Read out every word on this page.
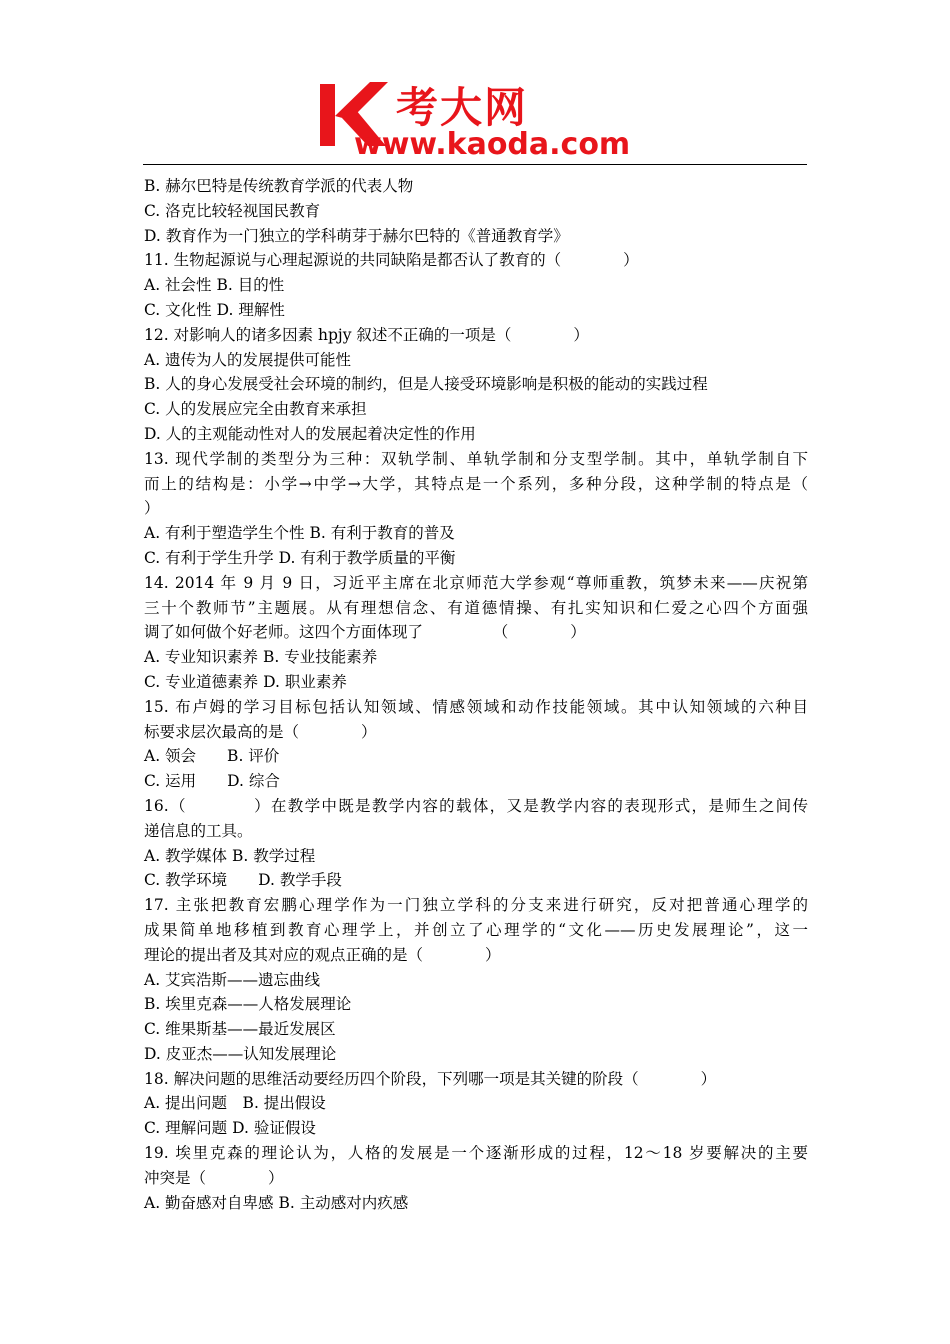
考大网
www.kaoda.com
B. 赫尔巴特是传统教育学派的代表人物
C. 洛克比较轻视国民教育
D. 教育作为一门独立的学科萌芽于赫尔巴特的《普通教育学》
11. 生物起源说与心理起源说的共同缺陷是都否认了教育的（　　　　）
A. 社会性 B. 目的性
C. 文化性 D. 理解性
12. 对影响人的诸多因素 hpjy 叙述不正确的一项是（　　　　）
A. 遗传为人的发展提供可能性
B. 人的身心发展受社会环境的制约，但是人接受环境影响是积极的能动的实践过程
C. 人的发展应完全由教育来承担
D. 人的主观能动性对人的发展起着决定性的作用
13. 现代学制的类型分为三种：双轨学制、单轨学制和分支型学制。其中，单轨学制自下
而上的结构是：小学→中学→大学，其特点是一个系列，多种分段，这种学制的特点是（
）
A. 有利于塑造学生个性 B. 有利于教育的普及
C. 有利于学生升学 D. 有利于教学质量的平衡
14. 2014 年 9 月 9 日，习近平主席在北京师范大学参观“尊师重教，筑梦未来——庆祝第
三十个教师节”主题展。从有理想信念、有道德情操、有扎实知识和仁爱之心四个方面强
调了如何做个好老师。这四个方面体现了　　　　　（　　　　）
A. 专业知识素养 B. 专业技能素养
C. 专业道德素养 D. 职业素养
15. 布卢姆的学习目标包括认知领域、情感领域和动作技能领域。其中认知领域的六种目
标要求层次最高的是（　　　　）
A. 领会　　B. 评价
C. 运用　　D. 综合
16.（　　　　）在教学中既是教学内容的载体，又是教学内容的表现形式，是师生之间传
递信息的工具。
A. 教学媒体 B. 教学过程
C. 教学环境　　D. 教学手段
17. 主张把教育宏鹏心理学作为一门独立学科的分支来进行研究，反对把普通心理学的
成果简单地移植到教育心理学上，并创立了心理学的“文化——历史发展理论”，这一
理论的提出者及其对应的观点正确的是（　　　　）
A. 艾宾浩斯——遗忘曲线
B. 埃里克森——人格发展理论
C. 维果斯基——最近发展区
D. 皮亚杰——认知发展理论
18. 解决问题的思维活动要经历四个阶段，下列哪一项是其关键的阶段（　　　　）
A. 提出问题　B. 提出假设
C. 理解问题 D. 验证假设
19. 埃里克森的理论认为，人格的发展是一个逐渐形成的过程，12～18 岁要解决的主要
冲突是（　　　　）
A. 勤奋感对自卑感 B. 主动感对内疚感
